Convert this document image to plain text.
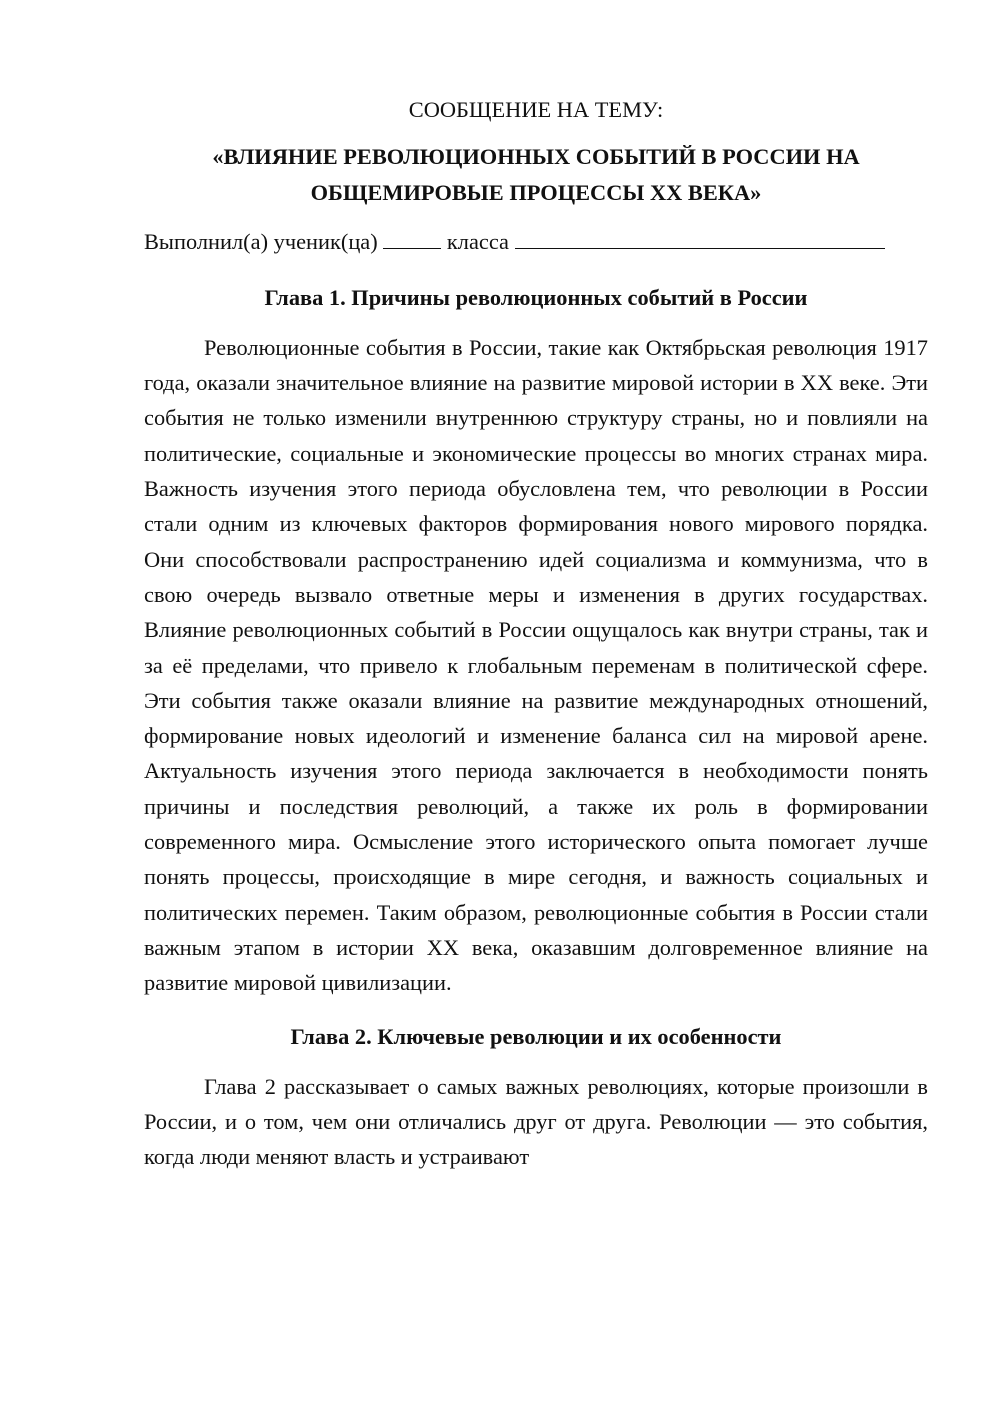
СООБЩЕНИЕ НА ТЕМУ:

«ВЛИЯНИЕ РЕВОЛЮЦИОННЫХ СОБЫТИЙ В РОССИИ НА
ОБЩЕМИРОВЫЕ ПРОЦЕССЫ XX ВЕКА»

Выполнил(а) ученик(ца)	класса

Глава 1. Причины революционных событий в России

Революционные события в России, такие как Октябрьская революция 1917 года, оказали значительное влияние на развитие мировой истории в XX веке. Эти события не только изменили внутреннюю структуру страны, но и повлияли на политические, социальные и экономические процессы во многих странах мира. Важность изучения этого периода обусловлена тем, что революции в России стали одним из ключевых факторов формирования нового мирового порядка. Они способствовали распространению идей социализма и коммунизма, что в свою очередь вызвало ответные меры и изменения в других государствах. Влияние революционных событий в России ощущалось как внутри страны, так и за её пределами, что привело к глобальным переменам в политической сфере. Эти события также оказали влияние на развитие международных отношений, формирование новых идеологий и изменение баланса сил на мировой арене. Актуальность изучения этого периода заключается в необходимости понять причины и последствия революций, а также их роль в формировании современного мира. Осмысление этого исторического опыта помогает лучше понять процессы, происходящие в мире сегодня, и важность социальных и политических перемен. Таким образом, революционные события в России стали важным этапом в истории XX века, оказавшим долговременное влияние на развитие мировой цивилизации.

Глава 2. Ключевые революции и их особенности

Глава 2 рассказывает о самых важных революциях, которые произошли в России, и о том, чем они отличались друг от друга. Революции — это события, когда люди меняют власть и устраивают
